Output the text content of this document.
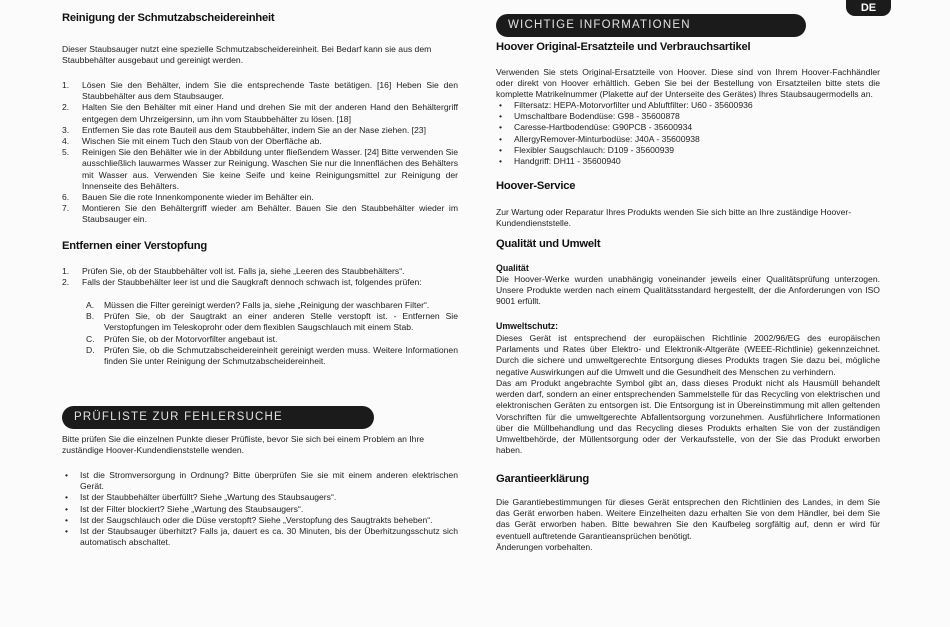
DE
Reinigung der Schmutzabscheidereinheit

Dieser Staubsauger nutzt eine spezielle Schmutzabscheidereinheit. Bei Bedarf kann sie aus dem Staubbehälter ausgebaut und gereinigt werden.

1. Lösen Sie den Behälter, indem Sie die entsprechende Taste betätigen. [16] Heben Sie den Staubbehälter aus dem Staubsauger.
2. Halten Sie den Behälter mit einer Hand und drehen Sie mit der anderen Hand den Behältergriff entgegen dem Uhrzeigersinn, um ihn vom Staubbehälter zu lösen. [18]
3. Entfernen Sie das rote Bauteil aus dem Staubbehälter, indem Sie an der Nase ziehen. [23]
4. Wischen Sie mit einem Tuch den Staub von der Oberfläche ab.
5. Reinigen Sie den Behälter wie in der Abbildung unter fließendem Wasser. [24] Bitte verwenden Sie ausschließlich lauwarmes Wasser zur Reinigung. Waschen Sie nur die Innenflächen des Behälters mit Wasser aus. Verwenden Sie keine Seife und keine Reinigungsmittel zur Reinigung der Innenseite des Behälters.
6. Bauen Sie die rote Innenkomponente wieder im Behälter ein.
7. Montieren Sie den Behältergriff wieder am Behälter. Bauen Sie den Staubbehälter wieder im Staubsauger ein.
Entfernen einer Verstopfung
1. Prüfen Sie, ob der Staubbehälter voll ist. Falls ja, siehe „Leeren des Staubbehälters“.
2. Falls der Staubbehälter leer ist und die Saugkraft dennoch schwach ist, folgendes prüfen:
A. Müssen die Filter gereinigt werden? Falls ja, siehe „Reinigung der waschbaren Filter“.
B. Prüfen Sie, ob der Saugtrakt an einer anderen Stelle verstopft ist. - Entfernen Sie Verstopfungen im Teleskoprohr oder dem flexiblen Saugschlauch mit einem Stab.
C. Prüfen Sie, ob der Motorvorfilter angebaut ist.
D. Prüfen Sie, ob die Schmutzabscheidereinheit gereinigt werden muss. Weitere Informationen finden Sie unter Reinigung der Schmutzabscheidereinheit.
PRÜFLISTE ZUR FEHLERSUCHE

Bitte prüfen Sie die einzelnen Punkte dieser Prüfliste, bevor Sie sich bei einem Problem an Ihre zuständige Hoover-Kundendienststelle wenden.

• Ist die Stromversorgung in Ordnung? Bitte überprüfen Sie sie mit einem anderen elektrischen Gerät.
• Ist der Staubbehälter überfüllt? Siehe „Wartung des Staubsaugers“.
• Ist der Filter blockiert? Siehe „Wartung des Staubsaugers“.
• Ist der Saugschlauch oder die Düse verstopft? Siehe „Verstopfung des Saugtrakts beheben“.
• Ist der Staubsauger überhitzt? Falls ja, dauert es ca. 30 Minuten, bis der Überhitzungsschutz sich automatisch abschaltet.
WICHTIGE INFORMATIONEN
Hoover Original-Ersatzteile und Verbrauchsartikel

Verwenden Sie stets Original-Ersatzteile von Hoover. Diese sind von Ihrem Hoover-Fachhändler oder direkt von Hoover erhältlich. Geben Sie bei der Bestellung von Ersatzteilen bitte stets die komplette Matrikelnummer (Plakette auf der Unterseite des Gerätes) Ihres Staubsaugermodells an.

• Filtersatz: HEPA-Motorvorfilter und Abluftfilter: U60 - 35600936
• Umschaltbare Bodendüse: G98 - 35600878
• Caresse-Hartbodendüse: G90PCB - 35600934
• AllergyRemover-Minturbodüse: J40A - 35600938
• Flexibler Saugschlauch: D109 - 35600939
• Handgriff: DH11 - 35600940
Hoover-Service

Zur Wartung oder Reparatur Ihres Produkts wenden Sie sich bitte an Ihre zuständige Hoover-Kundendienststelle.

Qualität und Umwelt
Qualität

Die Hoover-Werke wurden unabhängig voneinander jeweils einer Qualitätsprüfung unterzogen. Unsere Produkte werden nach einem Qualitätsstandard hergestellt, der die Anforderungen von ISO 9001 erfüllt.

Umweltschutz:

Dieses Gerät ist entsprechend der europäischen Richtlinie 2002/96/EG des europäischen Parlaments und Rates über Elektro- und Elektronik-Altgeräte (WEEE-Richtlinie) gekennzeichnet. Durch die sichere und umweltgerechte Entsorgung dieses Produkts tragen Sie dazu bei, mögliche negative Auswirkungen auf die Umwelt und die Gesundheit des Menschen zu verhindern.

Das am Produkt angebrachte Symbol gibt an, dass dieses Produkt nicht als Hausmüll behandelt werden darf, sondern an einer entsprechenden Sammelstelle für das Recycling von elektrischen und elektronischen Geräten zu entsorgen ist. Die Entsorgung ist in Übereinstimmung mit allen geltenden Vorschriften für die umweltgerechte Abfallentsorgung vorzunehmen. Ausführlichere Informationen über die Müllbehandlung und das Recycling dieses Produkts erhalten Sie von der zuständigen Umweltbehörde, der Müllentsorgung oder der Verkaufsstelle, von der Sie das Produkt erworben haben.

Garantieerklärung

Die Garantiebestimmungen für dieses Gerät entsprechen den Richtlinien des Landes, in dem Sie das Gerät erworben haben. Weitere Einzelheiten dazu erhalten Sie von dem Händler, bei dem Sie das Gerät erworben haben. Bitte bewahren Sie den Kaufbeleg sorgfältig auf, denn er wird für eventuell auftretende Garantieansprüchen benötigt.

Änderungen vorbehalten.
